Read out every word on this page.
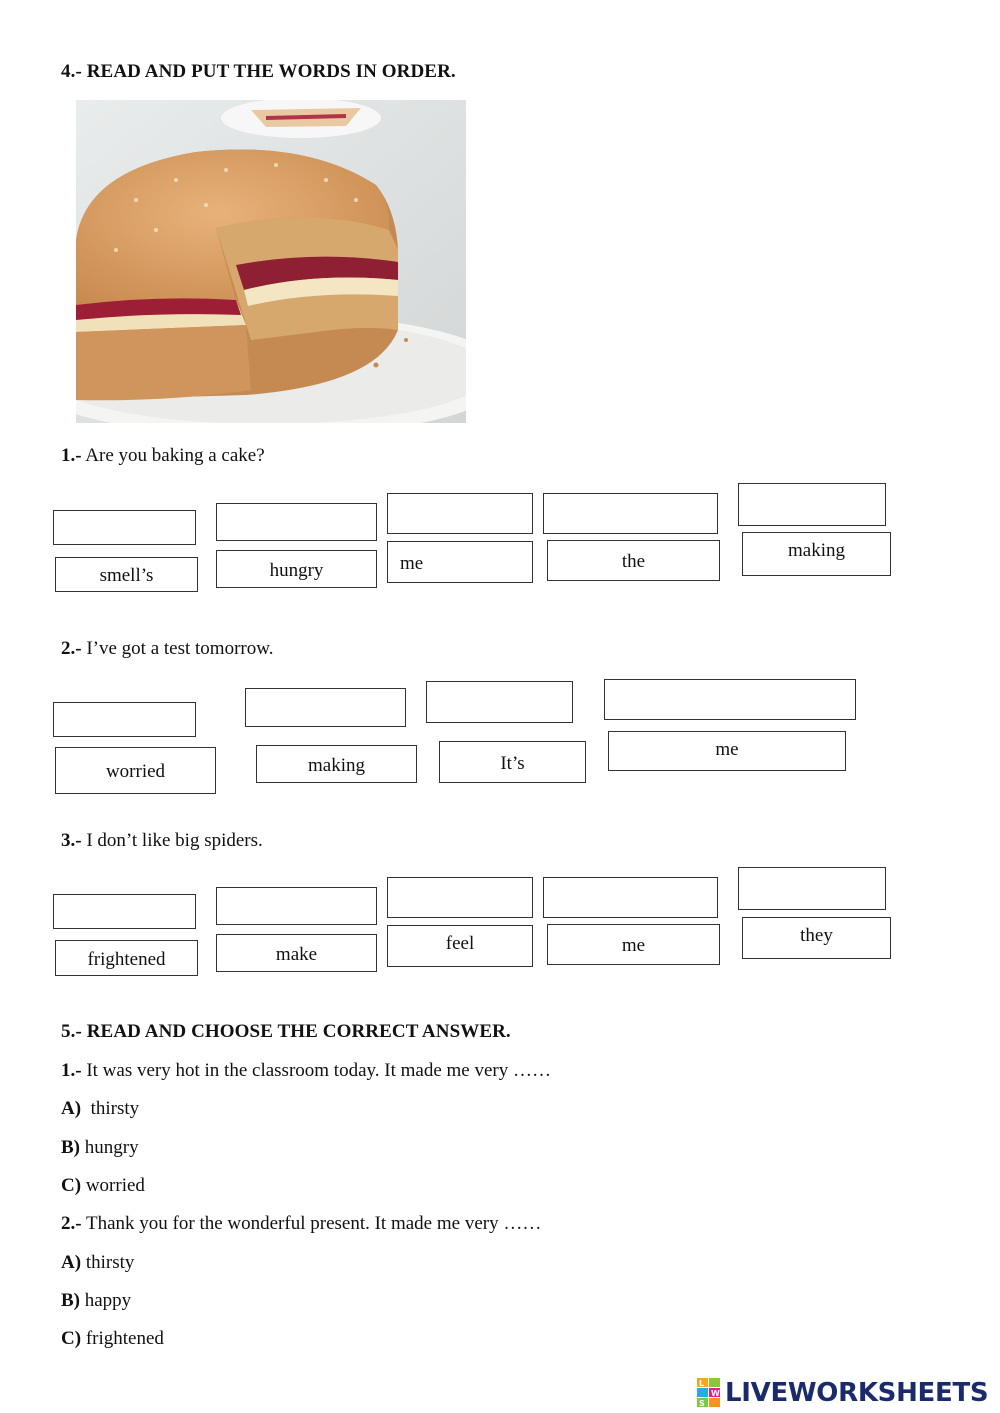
4.- READ AND PUT THE WORDS IN ORDER.
1.- Are you baking a cake?
smell’s	hungry	me	the
making
2.- I’ve got a test tomorrow.
worried	making	It’s
me
3.- I don’t like big spiders.
frightened	make	feel	me	they
5.- READ AND CHOOSE THE CORRECT ANSWER.
1.- It was very hot in the classroom today. It made me very ……
A)  thirsty
B) hungry
C) worried
2.- Thank you for the wonderful present. It made me very ……
A) thirsty
B) happy
C) frightened
L
W
S LIVEWORKSHEETS
